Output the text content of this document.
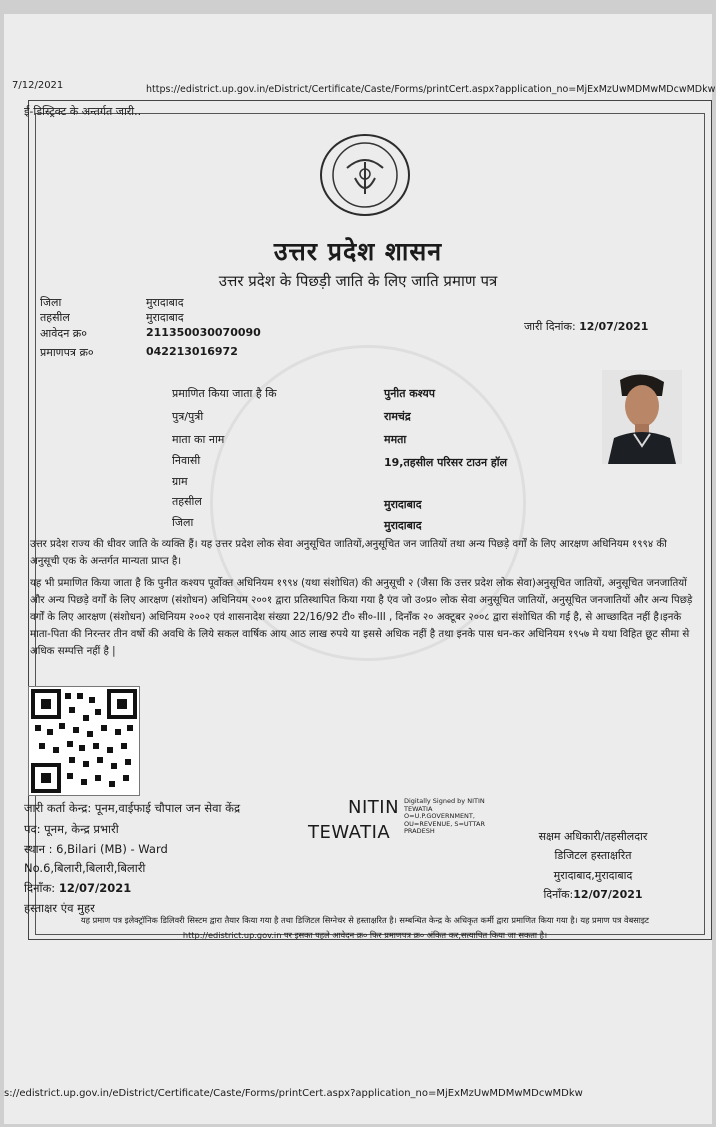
7/12/2021	https://edistrict.up.gov.in/eDistrict/Certificate/Caste/Forms/printCert.aspx?application_no=MjExMzUwMDMwMDcwMDkw
ई-डिस्ट्रिक्ट के अन्तर्गत जारी..
उत्तर प्रदेश शासन
उत्तर प्रदेश के पिछड़ी जाति के लिए जाति प्रमाण पत्र
जिला	मुरादाबाद
तहसील	मुरादाबाद
आवेदन क्र०	211350030070090
प्रमाणपत्र क्र०	042213016972
जारी दिनांक: 12/07/2021
प्रमाणित किया जाता है कि	पुनीत कश्यप
पुत्र/पुत्री	रामचंद्र
माता का नाम	ममता
निवासी	19,तहसील परिसर टाउन हॉल
ग्राम
तहसील	मुरादाबाद
जिला	मुरादाबाद
उत्तर प्रदेश राज्य की धीवर जाति के व्यक्ति हैं। यह उत्तर प्रदेश लोक सेवा अनुसूचित जातियों,अनुसूचित जन जातियों तथा अन्य पिछड़े वर्गों के लिए आरक्षण अधिनियम १९९४ की अनुसूची एक के अन्तर्गत मान्यता प्राप्त है।
यह भी प्रमाणित किया जाता है कि पुनीत कश्यप पूर्वोक्त अधिनियम १९९४ (यथा संशोधित) की अनुसूची २ (जैसा कि उत्तर प्रदेश लोक सेवा)अनुसूचित जातियों, अनुसूचित जनजातियों और अन्य पिछड़े वर्गों के लिए आरक्षण (संशोधन) अधिनियम २००१ द्वारा प्रतिस्थापित किया गया है एंव जो उ०प्र० लोक सेवा अनुसूचित जातियों, अनुसूचित जनजातियों और अन्य पिछड़े वर्गों के लिए आरक्षण (संशोधन) अधिनियम २००२ एवं शासनादेश संख्या 22/16/92 टी० सी०-III , दिनाँक २० अक्टूबर २००८ द्वारा संशोधित की गई है, से आच्छादित नहीं है।इनके माता-पिता की निरन्तर तीन वर्षो की अवधि के लिये सकल वार्षिक आय आठ लाख रुपये या इससे अधिक नहीं है तथा इनके पास धन-कर अधिनियम १९५७ मे यथा विहित छूट सीमा से अधिक सम्पत्ति नहीं है |
जारी कर्ता केन्द्र: पूनम,वाईफाई चौपाल जन सेवा केंद्र
पद: पूनम, केन्द्र प्रभारी
स्थान : 6,Bilari (MB) - Ward
No.6,बिलारी,बिलारी,बिलारी
दिनाँक: 12/07/2021
हस्ताक्षर एंव मुहर
NITIN
TEWATIA
Digitally Signed by NITIN TEWATIA O=U.P.GOVERNMENT, OU=REVENUE, S=UTTAR PRADESH	सक्षम अधिकारी/तहसीलदार
डिजिटल हस्ताक्षरित
मुरादाबाद,मुरादाबाद
दिनाँक:12/07/2021
यह प्रमाण पत्र इलेक्ट्रॉनिक डिलिवरी सिस्टम द्वारा तैयार किया गया है तथा डिजिटल सिग्नेचर से हस्ताक्षरित है। सम्बन्धित केन्द्र के अधिकृत कर्मी द्वारा प्रमाणित किया गया है। यह प्रमाण पत्र वेबसाइट http://edistrict.up.gov.in पर इसका पहले आवेदन क्र० फिर प्रमाणपत्र क्र० अंकित कर,सत्यापित किया जा सकता है।
s://edistrict.up.gov.in/eDistrict/Certificate/Caste/Forms/printCert.aspx?application_no=MjExMzUwMDMwMDcwMDkw
